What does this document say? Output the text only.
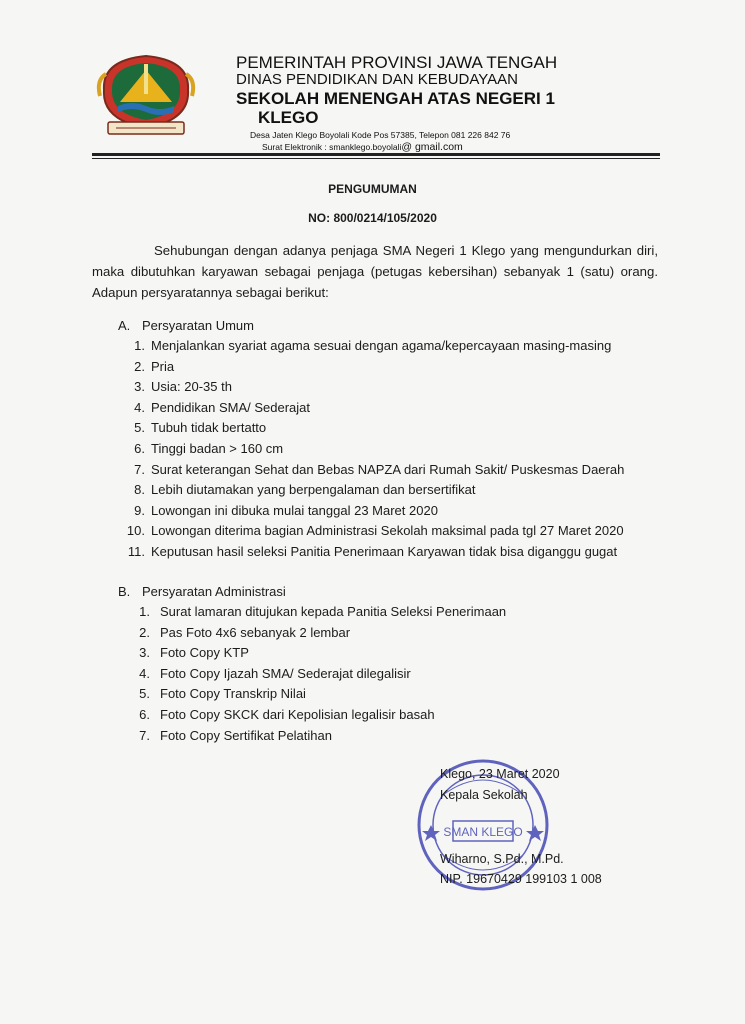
PEMERINTAH PROVINSI JAWA TENGAH
DINAS PENDIDIKAN DAN KEBUDAYAAN
SEKOLAH MENENGAH ATAS NEGERI 1
KLEGO
Desa Jaten Klego Boyolali Kode Pos 57385, Telepon 081 226 842 76
Surat Elektronik : smanklego.boyolali@ gmail.com
PENGUMUMAN
NO: 800/0214/105/2020
Sehubungan dengan adanya penjaga SMA Negeri 1 Klego yang mengundurkan diri, maka dibutuhkan karyawan sebagai penjaga (petugas kebersihan) sebanyak 1 (satu) orang. Adapun persyaratannya sebagai berikut:
A. Persyaratan Umum
1. Menjalankan syariat agama sesuai dengan agama/kepercayaan masing-masing
2. Pria
3. Usia: 20-35 th
4. Pendidikan SMA/ Sederajat
5. Tubuh tidak bertatto
6. Tinggi badan > 160 cm
7. Surat keterangan Sehat dan Bebas NAPZA dari Rumah Sakit/ Puskesmas Daerah
8. Lebih diutamakan yang berpengalaman dan bersertifikat
9. Lowongan ini dibuka mulai tanggal 23 Maret 2020
10. Lowongan diterima bagian Administrasi Sekolah maksimal pada tgl 27 Maret 2020
11. Keputusan hasil seleksi Panitia Penerimaan Karyawan tidak bisa diganggu gugat
B. Persyaratan Administrasi
1. Surat lamaran ditujukan kepada Panitia Seleksi Penerimaan
2. Pas Foto 4x6 sebanyak 2 lembar
3. Foto Copy KTP
4. Foto Copy Ijazah SMA/ Sederajat dilegalisir
5. Foto Copy Transkrip Nilai
6. Foto Copy SKCK dari Kepolisian legalisir basah
7. Foto Copy Sertifikat Pelatihan
SMAN KLEGO
Klego, 23 Maret 2020
Kepala Sekolah
Wiharno, S.Pd., M.Pd.
NIP. 19670429 199103 1 008
